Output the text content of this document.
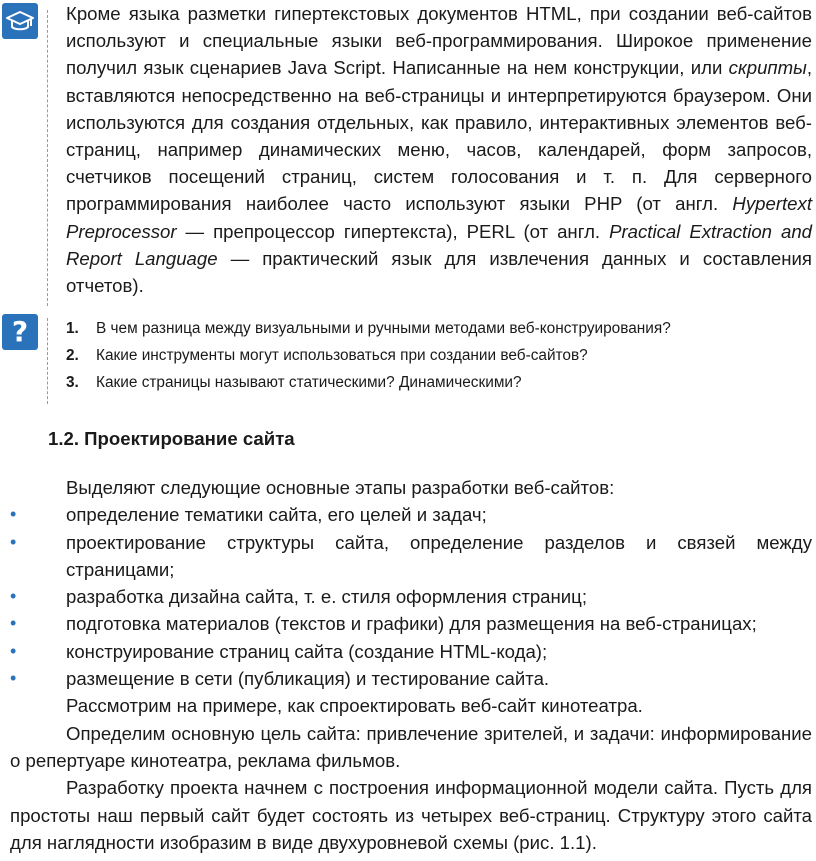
Кроме языка разметки гипертекстовых документов HTML, при создании веб-сайтов используют и специальные языки веб-программирования. Широкое применение получил язык сценариев Java Script. Написанные на нем конструкции, или скрипты, вставляются непосредственно на веб-страницы и интерпретируются браузером. Они используются для создания отдельных, как правило, интерактивных элементов веб-страниц, например динамических меню, часов, календарей, форм запросов, счетчиков посещений страниц, систем голосования и т. п. Для серверного программирования наиболее часто используют языки PHP (от англ. Hypertext Preprocessor — препроцессор гипертекста), PERL (от англ. Practical Extraction and Report Language — практический язык для извлечения данных и составления отчетов).

? 1.	В чем разница между визуальными и ручными методами веб-конструирования?
2.	Какие инструменты могут использоваться при создании веб-сайтов?
3.	Какие страницы называют статическими? Динамическими?
1.2. Проектирование сайта
Выделяют следующие основные этапы разработки веб-сайтов:
•	определение тематики сайта, его целей и задач;
•	проектирование структуры сайта, определение разделов и связей между страницами;
•	разработка дизайна сайта, т. е. стиля оформления страниц;
•	подготовка материалов (текстов и графики) для размещения на веб-страницах;
•	конструирование страниц сайта (создание HTML-кода);
•	размещение в сети (публикация) и тестирование сайта.

Рассмотрим на примере, как спроектировать веб-сайт кинотеатра.

Определим основную цель сайта: привлечение зрителей, и задачи: информирование о репертуаре кинотеатра, реклама фильмов.

Разработку проекта начнем с построения информационной модели сайта. Пусть для простоты наш первый сайт будет состоять из четырех веб-страниц. Структуру этого сайта для наглядности изобразим в виде двухуровневой схемы (рис. 1.1).
